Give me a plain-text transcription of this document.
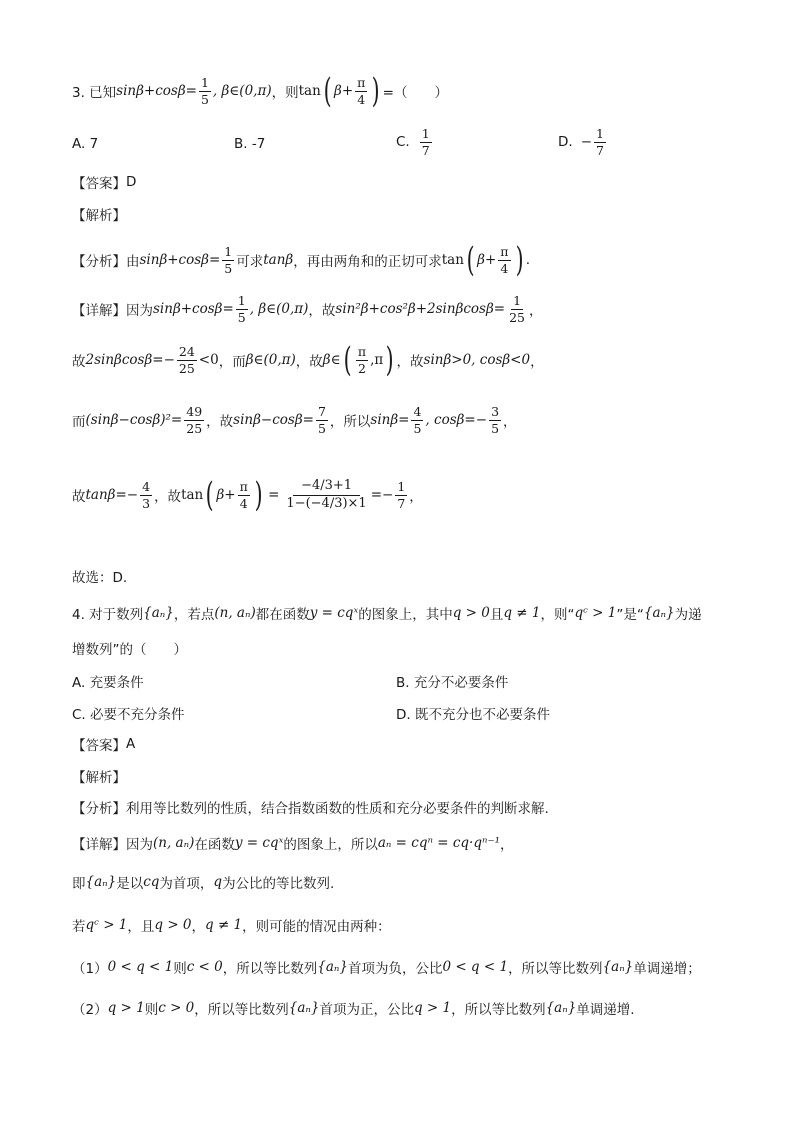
3. 已知 $\sin\beta+\cos\beta = \frac{1}{5}$ , β∈(0,π) ，则 tan ( $\beta+ \frac{\pi}{4}$ ) =（　　）
A. 7	B. -7	C. $\frac{1}{7}$	D. − $\frac{1}{7}$
【答案】 D
【解析】
【分析】 由 $\sin\beta+\cos\beta= \frac{1}{5}$ 可求 tanβ ，再由两角和的正切可求 tan ( $\beta+ \frac{\pi}{4}$ ) .
【详解】 因为 $\sin\beta+\cos\beta= \frac{1}{5}$ , β∈(0,π) ，故 $\sin^2\beta+\cos^2\beta+2\sin\beta\cos\beta= \frac{1}{25}$ ，
故 $2\sin\beta\cos\beta=- \frac{24}{25} <0$ ，而 β∈(0,π) ，故 β∈ ( $\frac{\pi}{2} ,\pi$ ) ，故 sinβ>0, cosβ<0 ，
而 $(\sin\beta-\cos\beta)^2= \frac{49}{25}$ ，故 $\sin\beta-\cos\beta= \frac{7}{5}$ ，所以 $\sin\beta= \frac{4}{5}$ , $\cos\beta=- \frac{3}{5}$ ，
故 $\tan\beta=- \frac{4}{3}$ ，故 tan ( $\beta+ \frac{\pi}{4}$ ) = $\frac{-4/3+1}{1-(-4/3)\times 1} =- \frac{1}{7}$ ，
故选：D.
4. 对于数列 {aₙ} ，若点 (n, aₙ) 都在函数 y = cqˣ 的图象上，其中 q > 0 且 q ≠ 1 ，则“ qᶜ > 1 ”是“ {aₙ} 为递
增数列”的（　　）
A. 充要条件	B. 充分不必要条件
C. 必要不充分条件	D. 既不充分也不必要条件
【答案】 A
【解析】
【分析】 利用等比数列的性质，结合指数函数的性质和充分必要条件的判断求解.
【详解】 因为 (n, aₙ) 在函数 y = cqˣ 的图象上，所以 aₙ = cqⁿ = cq·qⁿ⁻¹ ，
即 {aₙ} 是以 cq 为首项， q 为公比的等比数列.
若 qᶜ > 1 ，且 q > 0 ， q ≠ 1 ，则可能的情况由两种：
（1） 0 < q < 1 则 c < 0 ，所以等比数列 {aₙ} 首项为负，公比 0 < q < 1 ，所以等比数列 {aₙ} 单调递增；
（2） q > 1 则 c > 0 ，所以等比数列 {aₙ} 首项为正，公比 q > 1 ，所以等比数列 {aₙ} 单调递增.
